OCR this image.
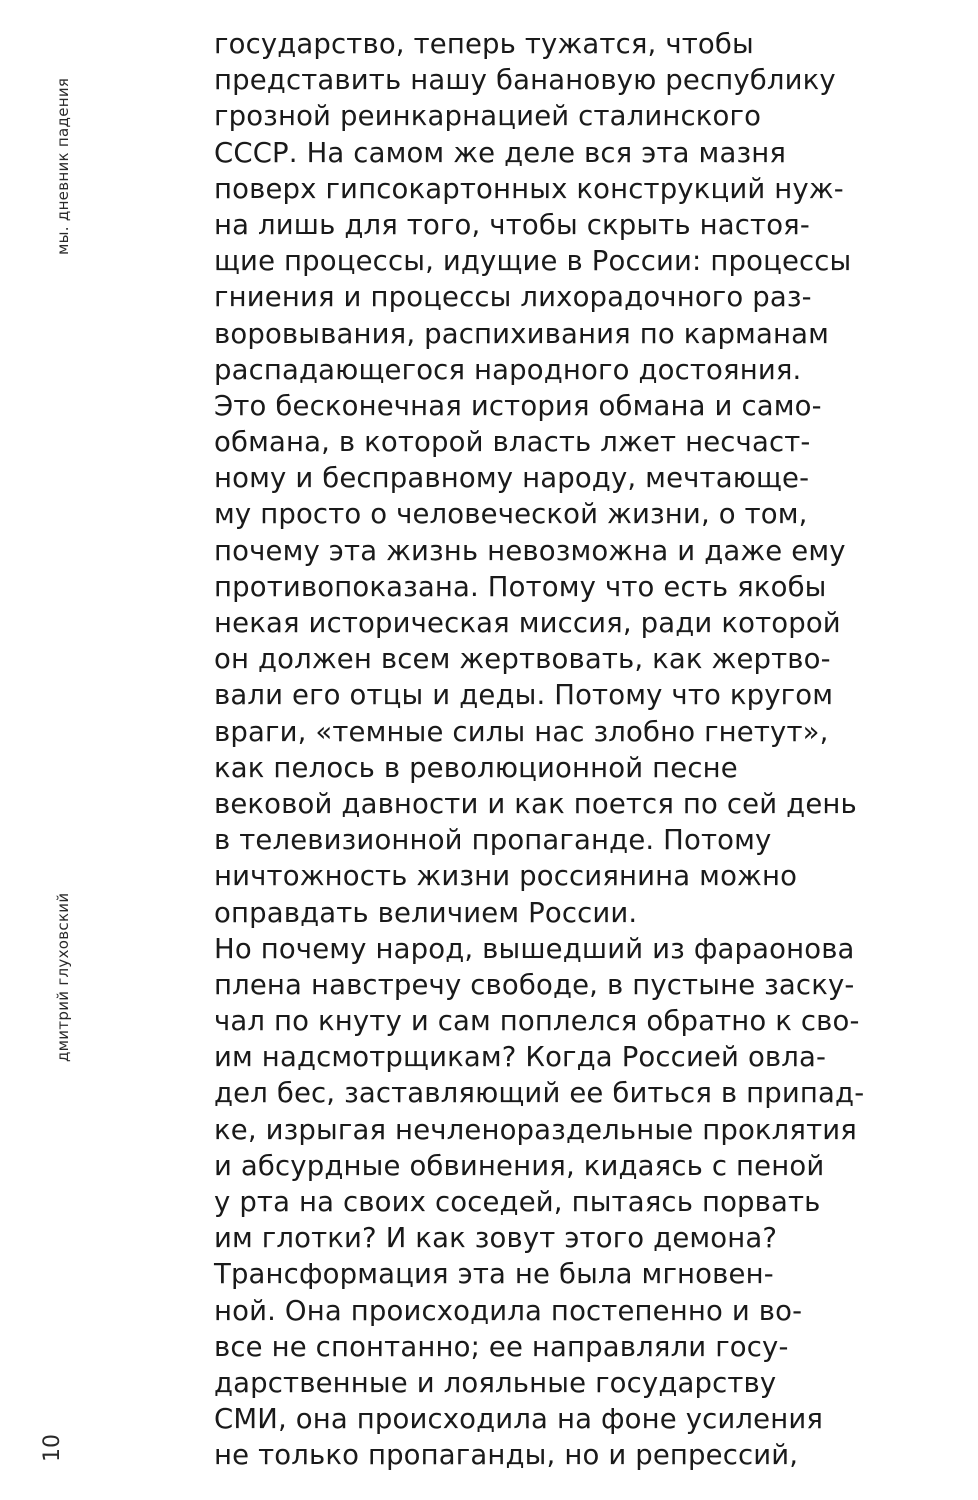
мы. дневник падения
дмитрий глуховский
10
государство, теперь тужатся, чтобы
представить нашу банановую республику
грозной реинкарнацией сталинского
СССР. На самом же деле вся эта мазня
поверх гипсокартонных конструкций нуж-
на лишь для того, чтобы скрыть настоя-
щие процессы, идущие в России: процессы
гниения и процессы лихорадочного раз-
воровывания, распихивания по карманам
распадающегося народного достояния.
Это бесконечная история обмана и само-
обмана, в которой власть лжет несчаст-
ному и бесправному народу, мечтающе-
му просто о человеческой жизни, о том,
почему эта жизнь невозможна и даже ему
противопоказана. Потому что есть якобы
некая историческая миссия, ради которой
он должен всем жертвовать, как жертво-
вали его отцы и деды. Потому что кругом
враги, «темные силы нас злобно гнетут»,
как пелось в революционной песне
вековой давности и как поется по сей день
в телевизионной пропаганде. Потому
ничтожность жизни россиянина можно
оправдать величием России.
Но почему народ, вышедший из фараонова
плена навстречу свободе, в пустыне заску-
чал по кнуту и сам поплелся обратно к сво-
им надсмотрщикам? Когда Россией овла-
дел бес, заставляющий ее биться в припад-
ке, изрыгая нечленораздельные проклятия
и абсурдные обвинения, кидаясь с пеной
у рта на своих соседей, пытаясь порвать
им глотки? И как зовут этого демона?
Трансформация эта не была мгновен-
ной. Она происходила постепенно и во-
все не спонтанно; ее направляли госу-
дарственные и лояльные государству
СМИ, она происходила на фоне усиления
не только пропаганды, но и репрессий,
